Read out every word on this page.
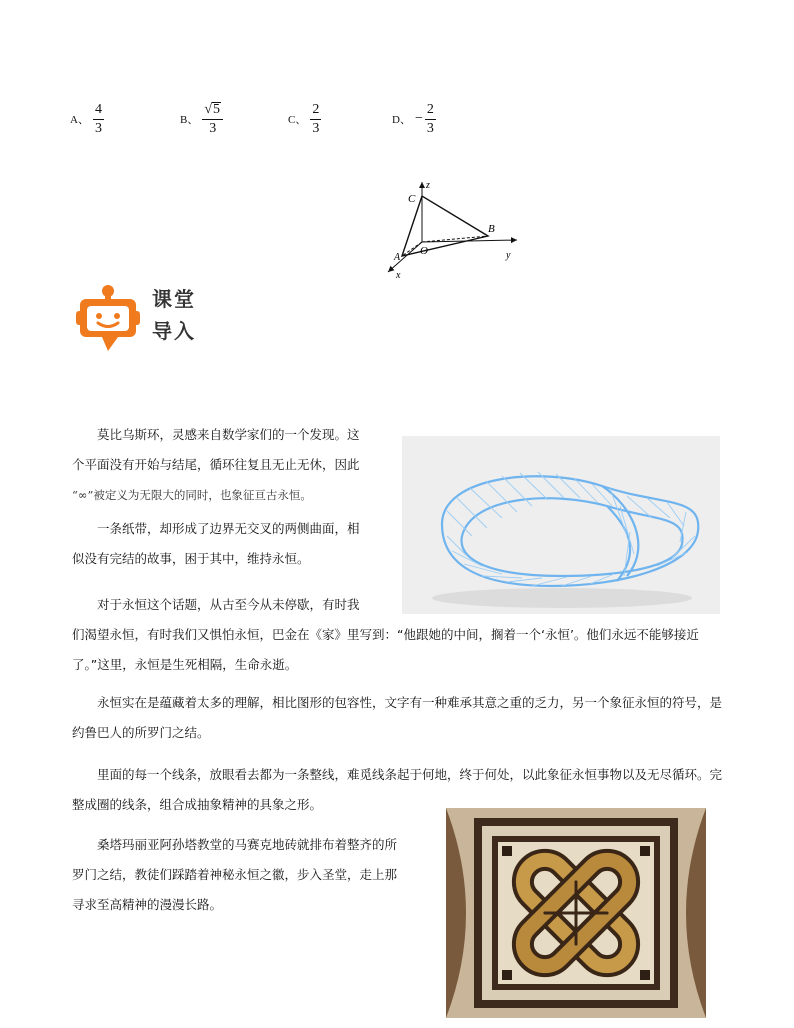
A、 $\frac{4}{3}$	B、 $\frac{√ 5}{3}$	C、 $\frac{2}{3}$	D、 − $\frac{2}{3}$
z
C
A
O
B
y
x
课堂
导入
莫比乌斯环，灵感来自数学家们的一个发现。这
个平面没有开始与结尾，循环往复且无止无休，因此
“∞”被定义为无限大的同时，也象征亘古永恒。
一条纸带，却形成了边界无交叉的两侧曲面，相
似没有完结的故事，困于其中，维持永恒。
对于永恒这个话题，从古至今从未停歇，有时我
们渴望永恒，有时我们又惧怕永恒，巴金在《家》里写到：“他跟她的中间，搁着一个‘永恒’。他们永远不能够接近了。”这里，永恒是生死相隔，生命永逝。

永恒实在是蕴藏着太多的理解，相比图形的包容性，文字有一种难承其意之重的乏力，另一个象征永恒的符号，是约鲁巴人的所罗门之结。

里面的每一个线条，放眼看去都为一条整线，难觅线条起于何地，终于何处，以此象征永恒事物以及无尽循环。完整成圈的线条，组合成抽象精神的具象之形。

桑塔玛丽亚阿孙塔教堂的马赛克地砖就排布着整齐的所
罗门之结，教徒们踩踏着神秘永恒之徽，步入圣堂，走上那
寻求至高精神的漫漫长路。
